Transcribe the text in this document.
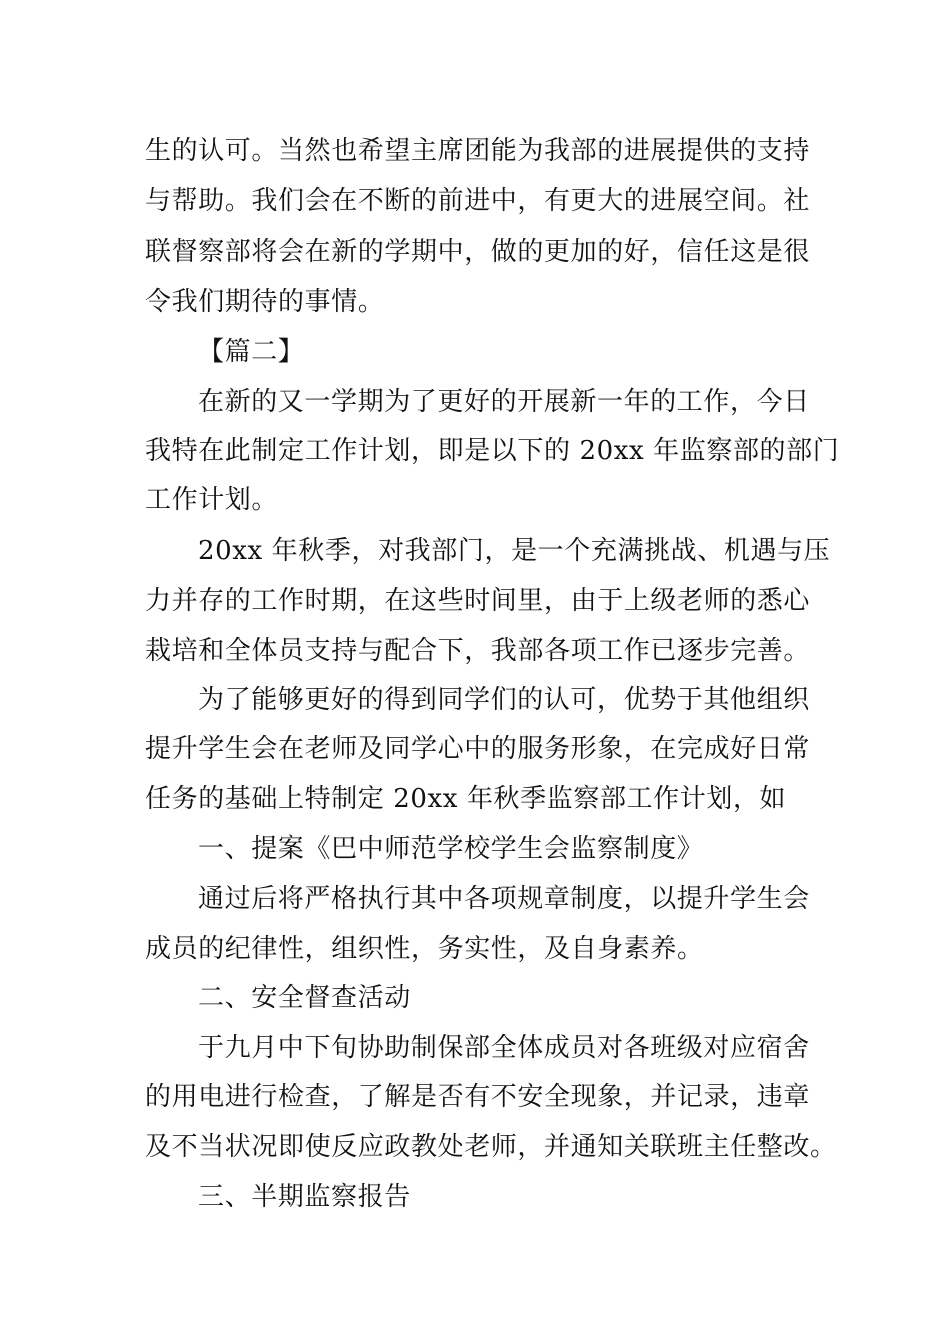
生的认可。当然也希望主席团能为我部的进展提供的支持
与帮助。我们会在不断的前进中，有更大的进展空间。社
联督察部将会在新的学期中，做的更加的好，信任这是很
令我们期待的事情。
【篇二】
在新的又一学期为了更好的开展新一年的工作，今日
我特在此制定工作计划，即是以下的 20xx 年监察部的部门
工作计划。
20xx 年秋季，对我部门，是一个充满挑战、机遇与压
力并存的工作时期，在这些时间里，由于上级老师的悉心
栽培和全体员支持与配合下，我部各项工作已逐步完善。
为了能够更好的得到同学们的认可，优势于其他组织
提升学生会在老师及同学心中的服务形象，在完成好日常
任务的基础上特制定 20xx 年秋季监察部工作计划，如
一、提案《巴中师范学校学生会监察制度》
通过后将严格执行其中各项规章制度，以提升学生会
成员的纪律性，组织性，务实性，及自身素养。
二、安全督查活动
于九月中下旬协助制保部全体成员对各班级对应宿舍
的用电进行检查，了解是否有不安全现象，并记录，违章
及不当状况即使反应政教处老师，并通知关联班主任整改。
三、半期监察报告
